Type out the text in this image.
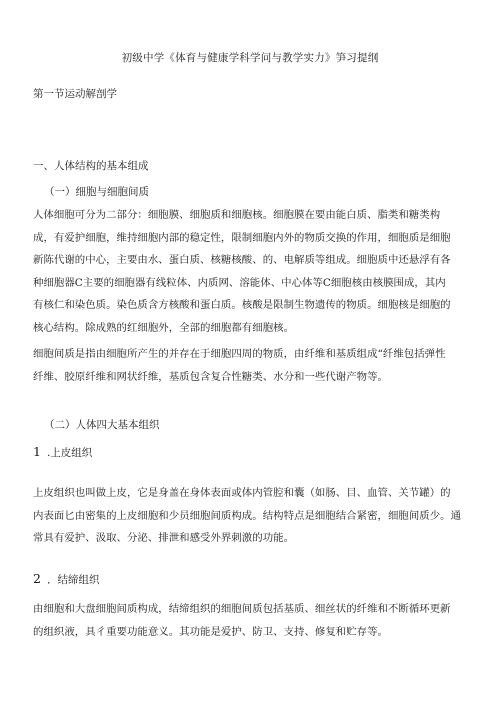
初级中学《体育与健康学科学问与教学实力》笋习提纲
第一节运动解剖学
一、人体结构的基本组成
（一）细胞与细胞间质
人体细胞可分为二部分：细胞膜、细胞质和细胞核。细胞膜在要由能白质、脂类和糖类构
成，有爱护细胞，维持细胞内部的稳定性，限制细胞内外的物质交换的作用，细胞质是细胞
新陈代谢的中心，主要由水、蛋白质、核糖核酸、的、电解质等组成。细胞质中还悬浮有各
种细胞器C主要的细胞器有线粒体、内质网、溶能体、中心体等C细胞核由核膜围成，其内
有核仁和染色质。染色质含方核酸和蛋白质。核酸是限制生物遗传的物质。细胞核是细胞的
核心结构。除成熟的红细胞外，全部的细胞都有细胞核。
细胞间质是指由细胞所产生的并存在于细胞四周的物质，由纤维和基质组成“纤维包括弹性
纤维、胶原纤维和网状纤维，基质包含复合性糖类、水分和一些代谢产物等。
（二）人体四大基本组织
1 .上皮组织
上皮组织也叫做上皮，它是身盖在身体表面或体内管腔和囊（如肠、目、血管、关节罐）的
内表面匕由密集的上皮细胞和少员细胞间质构成。结构特点是细胞结合紧密，细胞间质少。通
常具有爱护、汲取、分泌、排泄和感受外界刺激的功能。
2 ．结缔组织
由细胞和大盘细胞间质构成，结缔组织的细胞间质包括基质、细丝状的纤维和不断循环更新
的组织液，具彳重要功能意义。其功能是爱护、防卫、支持、修复和贮存等。
